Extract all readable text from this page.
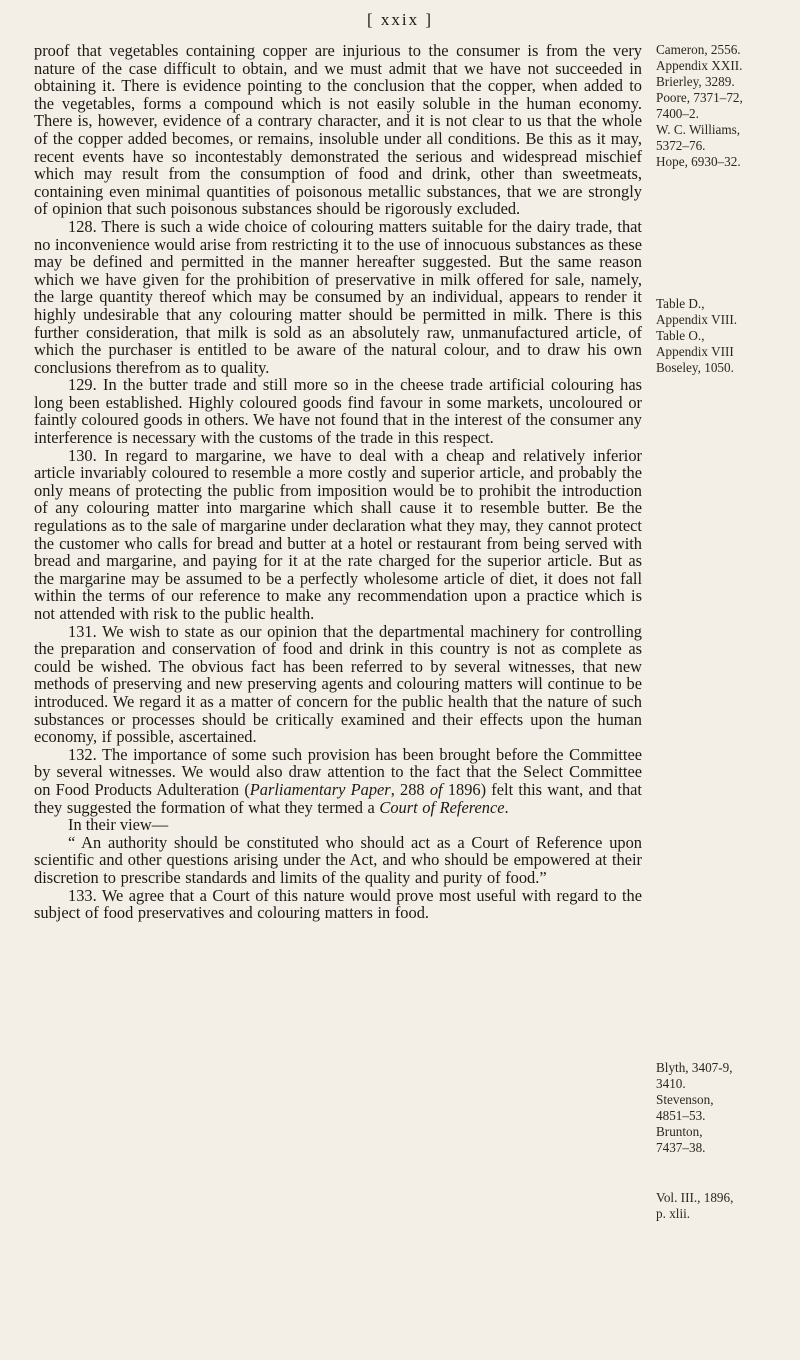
[ xxix ]

proof that vegetables containing copper are injurious to the consumer is from the very nature of the case difficult to obtain, and we must admit that we have not succeeded in obtaining it. There is evidence pointing to the conclusion that the copper, when added to the vegetables, forms a compound which is not easily soluble in the human economy. There is, however, evidence of a contrary character, and it is not clear to us that the whole of the copper added becomes, or remains, insoluble under all conditions. Be this as it may, recent events have so incontestably demonstrated the serious and widespread mischief which may result from the consumption of food and drink, other than sweetmeats, containing even minimal quantities of poisonous metallic substances, that we are strongly of opinion that such poisonous substances should be rigorously excluded.

128. There is such a wide choice of colouring matters suitable for the dairy trade, that no inconvenience would arise from restricting it to the use of innocuous substances as these may be defined and permitted in the manner hereafter suggested. But the same reason which we have given for the prohibition of preservative in milk offered for sale, namely, the large quantity thereof which may be consumed by an individual, appears to render it highly undesirable that any colouring matter should be permitted in milk. There is this further consideration, that milk is sold as an absolutely raw, unmanufactured article, of which the purchaser is entitled to be aware of the natural colour, and to draw his own conclusions therefrom as to quality.

129. In the butter trade and still more so in the cheese trade artificial colouring has long been established. Highly coloured goods find favour in some markets, uncoloured or faintly coloured goods in others. We have not found that in the interest of the consumer any interference is necessary with the customs of the trade in this respect.

130. In regard to margarine, we have to deal with a cheap and relatively inferior article invariably coloured to resemble a more costly and superior article, and probably the only means of protecting the public from imposition would be to prohibit the introduction of any colouring matter into margarine which shall cause it to resemble butter. Be the regulations as to the sale of margarine under declaration what they may, they cannot protect the customer who calls for bread and butter at a hotel or restaurant from being served with bread and margarine, and paying for it at the rate charged for the superior article. But as the margarine may be assumed to be a perfectly wholesome article of diet, it does not fall within the terms of our reference to make any recommendation upon a practice which is not attended with risk to the public health.

131. We wish to state as our opinion that the departmental machinery for controlling the preparation and conservation of food and drink in this country is not as complete as could be wished. The obvious fact has been referred to by several witnesses, that new methods of preserving and new preserving agents and colouring matters will continue to be introduced. We regard it as a matter of concern for the public health that the nature of such substances or processes should be critically examined and their effects upon the human economy, if possible, ascertained.

132. The importance of some such provision has been brought before the Committee by several witnesses. We would also draw attention to the fact that the Select Committee on Food Products Adulteration (Parliamentary Paper, 288 of 1896) felt this want, and that they suggested the formation of what they termed a Court of Reference.

In their view—

“ An authority should be constituted who should act as a Court of Reference upon scientific and other questions arising under the Act, and who should be empowered at their discretion to prescribe standards and limits of the quality and purity of food.”

133. We agree that a Court of this nature would prove most useful with regard to the subject of food preservatives and colouring matters in food.

Cameron, 2556.
Appendix XXII.
Brierley, 3289.
Poore, 7371–72,
7400–2.
W. C. Williams,
5372–76.
Hope, 6930–32.
Table D.,
Appendix VIII.
Table O.,
Appendix VIII
Boseley, 1050.
Blyth, 3407-9,
3410.
Stevenson,
4851–53.
Brunton,
7437–38.
Vol. III., 1896,
p. xlii.
